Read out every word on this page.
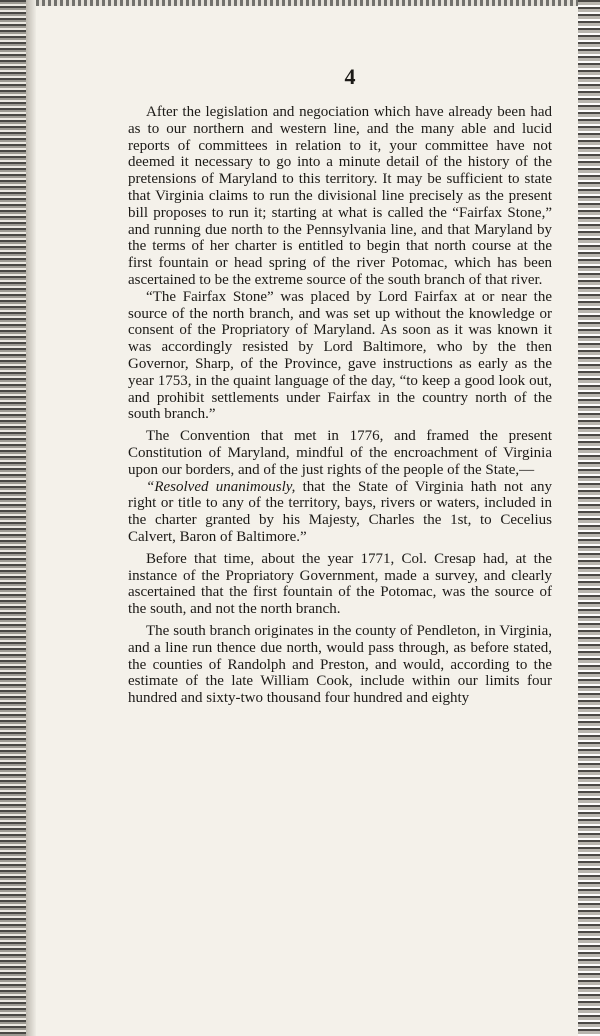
4

After the legislation and negociation which have already been had as to our northern and western line, and the many able and lucid reports of committees in relation to it, your committee have not deemed it necessary to go into a minute detail of the history of the pretensions of Maryland to this territory. It may be sufficient to state that Virginia claims to run the divisional line precisely as the present bill proposes to run it; starting at what is called the “Fairfax Stone,” and running due north to the Pennsylvania line, and that Maryland by the terms of her charter is entitled to begin that north course at the first fountain or head spring of the river Potomac, which has been ascertained to be the extreme source of the south branch of that river.

“The Fairfax Stone” was placed by Lord Fairfax at or near the source of the north branch, and was set up without the knowledge or consent of the Propriatory of Maryland. As soon as it was known it was accordingly resisted by Lord Baltimore, who by the then Governor, Sharp, of the Province, gave instructions as early as the year 1753, in the quaint language of the day, “to keep a good look out, and prohibit settlements under Fairfax in the country north of the south branch.”

The Convention that met in 1776, and framed the present Constitution of Maryland, mindful of the encroachment of Virginia upon our borders, and of the just rights of the people of the State,—

“Resolved unanimously, that the State of Virginia hath not any right or title to any of the territory, bays, rivers or waters, included in the charter granted by his Majesty, Charles the 1st, to Cecelius Calvert, Baron of Baltimore.”

Before that time, about the year 1771, Col. Cresap had, at the instance of the Propriatory Government, made a survey, and clearly ascertained that the first fountain of the Potomac, was the source of the south, and not the north branch.

The south branch originates in the county of Pendleton, in Virginia, and a line run thence due north, would pass through, as before stated, the counties of Randolph and Preston, and would, according to the estimate of the late William Cook, include within our limits four hundred and sixty-two thousand four hundred and eighty
